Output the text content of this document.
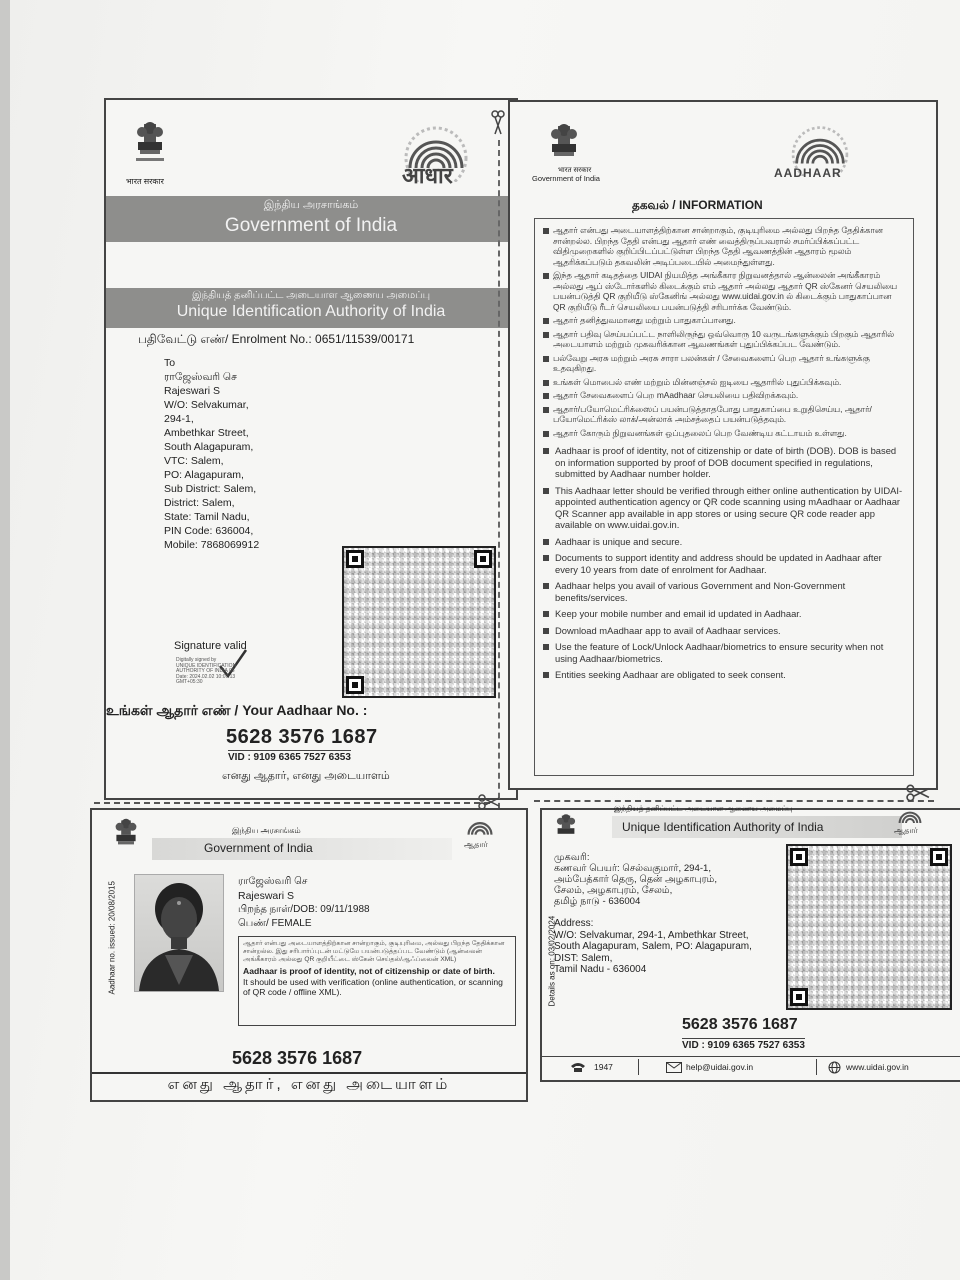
भारत सरकार	आधार
இந்திய அரசாங்கம்
Government of India
இந்தியத் தனிப்பட்ட அடையாள ஆணைய அமைப்பு
Unique Identification Authority of India
பதிவேட்டு எண்/ Enrolment No.: 0651/11539/00171
To
ராஜேஸ்வரி செ
Rajeswari S
W/O: Selvakumar,
294-1,
Ambethkar Street,
South Alagapuram,
VTC: Salem,
PO: Alagapuram,
Sub District: Salem,
District: Salem,
State: Tamil Nadu,
PIN Code: 636004,
Mobile: 7868069912
Signature valid
Digitally signed by
UNIQUE IDENTIFICATION
AUTHORITY OF INDIA 05
Date: 2024.02.02 10:07:13
GMT+05:30
உங்கள் ஆதார் எண் / Your Aadhaar No. :
5628 3576 1687
VID : 9109 6365 7527 6353
எனது ஆதார், எனது அடையாளம்
भारत सरकार
Government of India	AADHAAR
தகவல் / INFORMATION
ஆதார் என்பது அடையாளத்திற்கான சான்றாகும், குடியுரிமை அல்லது பிறந்த தேதிக்கான சான்றல்ல. பிறந்த தேதி என்பது ஆதார் எண் வைத்திருப்பவரால் சமர்ப்பிக்கப்பட்ட விதிமுறைகளில் குறிப்பிடப்பட்டுள்ள பிறந்த தேதி ஆவணத்தின் ஆதாரம் மூலம் ஆதரிக்கப்படும் தகவலின் அடிப்படையில் அமைந்துள்ளது.
இந்த ஆதார் கடிதத்தை UIDAI நியமித்த அங்கீகார நிறுவனத்தால் ஆன்லைன் அங்கீகாரம் அல்லது ஆப் ஸ்டோர்களில் கிடைக்கும் எம் ஆதார் அல்லது ஆதார் QR ஸ்கேனர் செயலியை பயன்படுத்தி QR குறியீடு ஸ்கேனிங் அல்லது www.uidai.gov.in ல் கிடைக்கும் பாதுகாப்பான QR குறியீடு ரீடர் செயலியை பயன்படுத்தி சரிபார்க்க வேண்டும்.
ஆதார் தனித்துவமானது மற்றும் பாதுகாப்பானது.
ஆதார் பதிவு செய்யப்பட்ட நாளிலிருந்து ஒவ்வொரு 10 வருடங்களுக்கும் பிறகும் ஆதாரில் அடையாளம் மற்றும் முகவரிக்கான ஆவணங்கள் புதுப்பிக்கப்பட வேண்டும்.
பல்வேறு அரசு மற்றும் அரசு சாரா பலன்கள் / சேவைகளைப் பெற ஆதார் உங்களுக்கு உதவுகிறது.
உங்கள் மொபைல் எண் மற்றும் மின்னஞ்சல் ஐடியை ஆதாரில் புதுப்பிக்கவும்.
ஆதார் சேவைகளைப் பெற mAadhaar செயலியை பதிவிறக்கவும்.
ஆதார்/பயோமெட்ரிக்ஸைப் பயன்படுத்தாதபோது பாதுகாப்பை உறுதிசெய்ய, ஆதார்/பயோமெட்ரிக்ஸ் லாக்/அன்லாக் அம்சத்தைப் பயன்படுத்தவும்.
ஆதார் கோரும் நிறுவனங்கள் ஒப்புதலைப் பெற வேண்டிய கட்டாயம் உள்ளது.
Aadhaar is proof of identity, not of citizenship or date of birth (DOB). DOB is based on information supported by proof of DOB document specified in regulations, submitted by Aadhaar number holder.
This Aadhaar letter should be verified through either online authentication by UIDAI-appointed authentication agency or QR code scanning using mAadhaar or Aadhaar QR Scanner app available in app stores or using secure QR code reader app available on www.uidai.gov.in.
Aadhaar is unique and secure.
Documents to support identity and address should be updated in Aadhaar after every 10 years from date of enrolment for Aadhaar.
Aadhaar helps you avail of various Government and Non-Government benefits/services.
Keep your mobile number and email id updated in Aadhaar.
Download mAadhaar app to avail of Aadhaar services.
Use the feature of Lock/Unlock Aadhaar/biometrics to ensure security when not using Aadhaar/biometrics.
Entities seeking Aadhaar are obligated to seek consent.
இந்திய அரசாங்கம்
Government of India	ஆதார்
Aadhaar no. issued: 20/08/2015	ராஜேஸ்வரி செ
Rajeswari S
பிறந்த நாள்/DOB: 09/11/1988
பெண்/ FEMALE
ஆதார் என்பது அடையாளத்திற்கான சான்றாகும், குடியுரிமை, அல்லது பிறந்த தேதிக்கான சான்றல்ல. இது சரிபார்ப்புடன் மட்டுமே பயன்படுத்தப்பட வேண்டும் (ஆன்லைன் அங்கீகாரம் அல்லது QR குறியீட்டை ஸ்கேன் செய்தல்/ஆஃப்லைன் XML)
Aadhaar is proof of identity, not of citizenship or date of birth.
It should be used with verification (online authentication, or scanning of QR code / offline XML).
5628 3576 1687
எனது ஆதார், எனது அடையாளம்
இந்தியத் தனிப்பட்ட அடையாள ஆணைய அமைப்பு
Unique Identification Authority of India	ஆதார்
Details as on: 03/02/2024
முகவரி:
கணவர் பெயர்: செல்வகுமார், 294-1,
அம்பேத்கார் தெரு, தென் அழகாபுரம்,
சேலம், அழகாபுரம், சேலம்,
தமிழ் நாடு - 636004
Address:
W/O: Selvakumar, 294-1, Ambethkar Street,
South Alagapuram, Salem, PO: Alagapuram,
DIST: Salem,
Tamil Nadu - 636004
5628 3576 1687
VID : 9109 6365 7527 6353
1947	help@uidai.gov.in	www.uidai.gov.in
